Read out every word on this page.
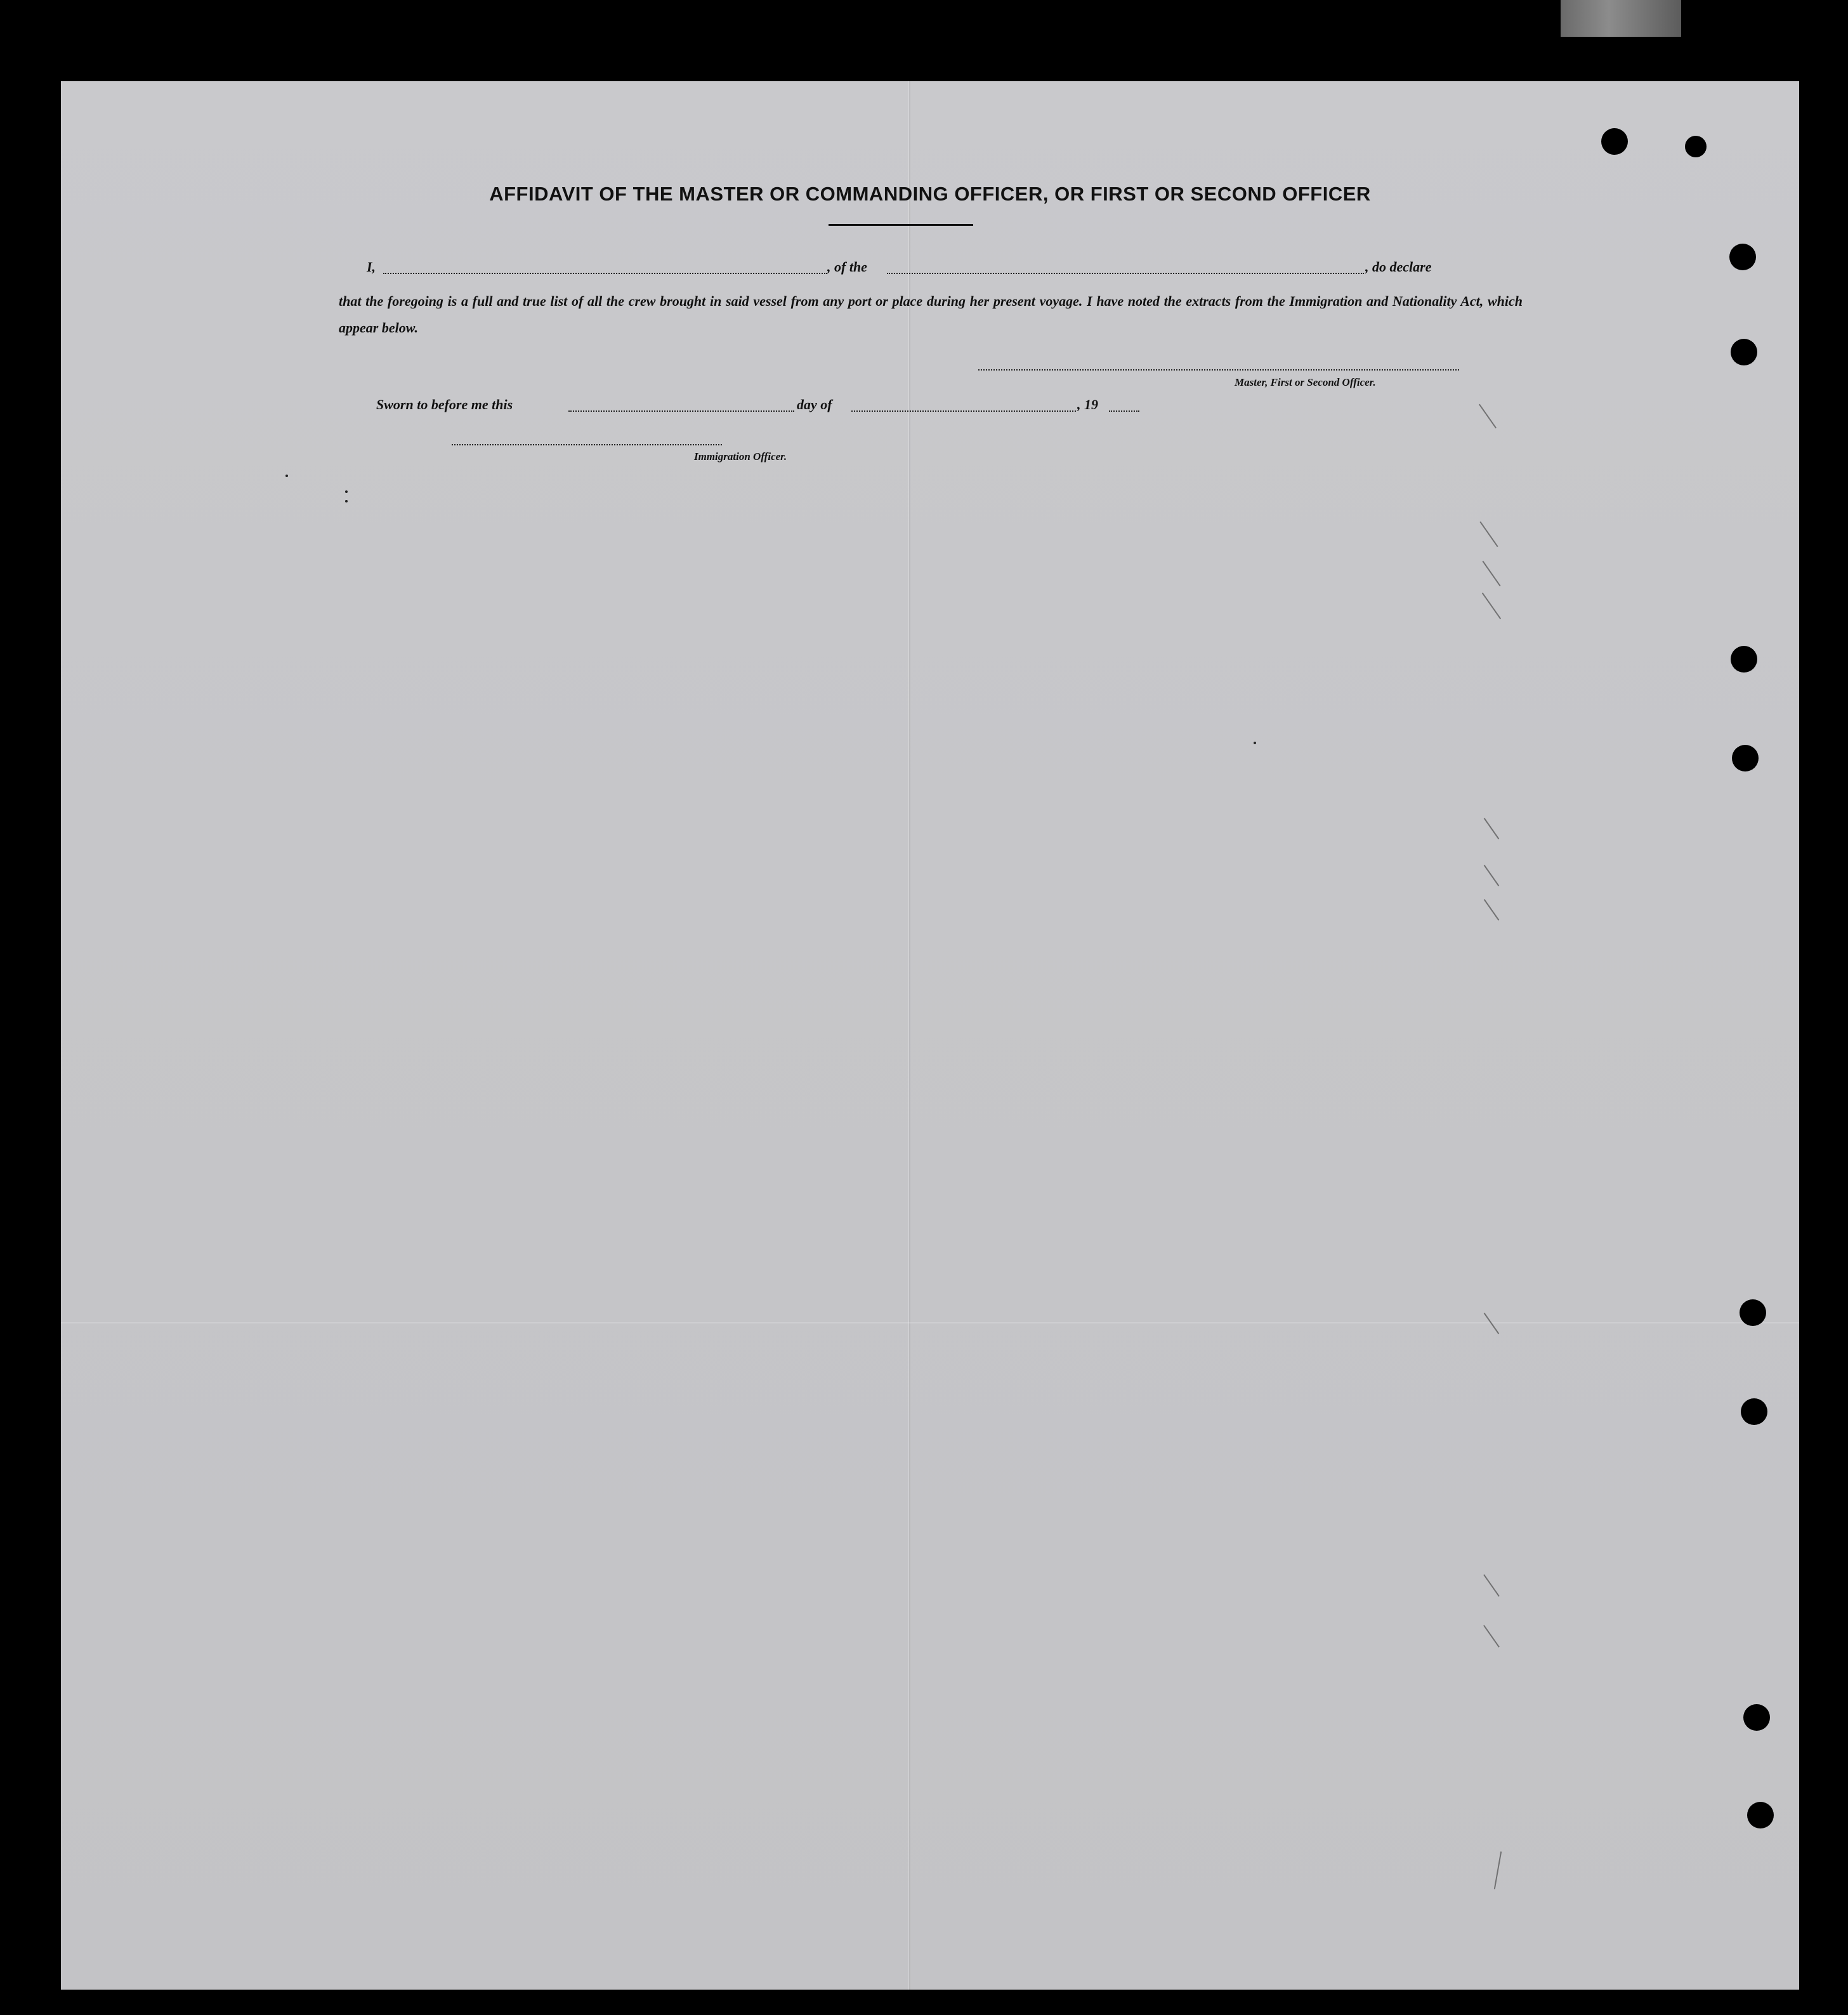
AFFIDAVIT OF THE MASTER OR COMMANDING OFFICER, OR FIRST OR SECOND OFFICER
I,	, of the	, do declare
that the foregoing is a full and true list of all the crew brought in said vessel from any port or place during her present voyage. I have noted the extracts from the Immigration and Nationality Act, which appear below.
Master, First or Second Officer.
Sworn to before me this	day of	, 19
Immigration Officer.
